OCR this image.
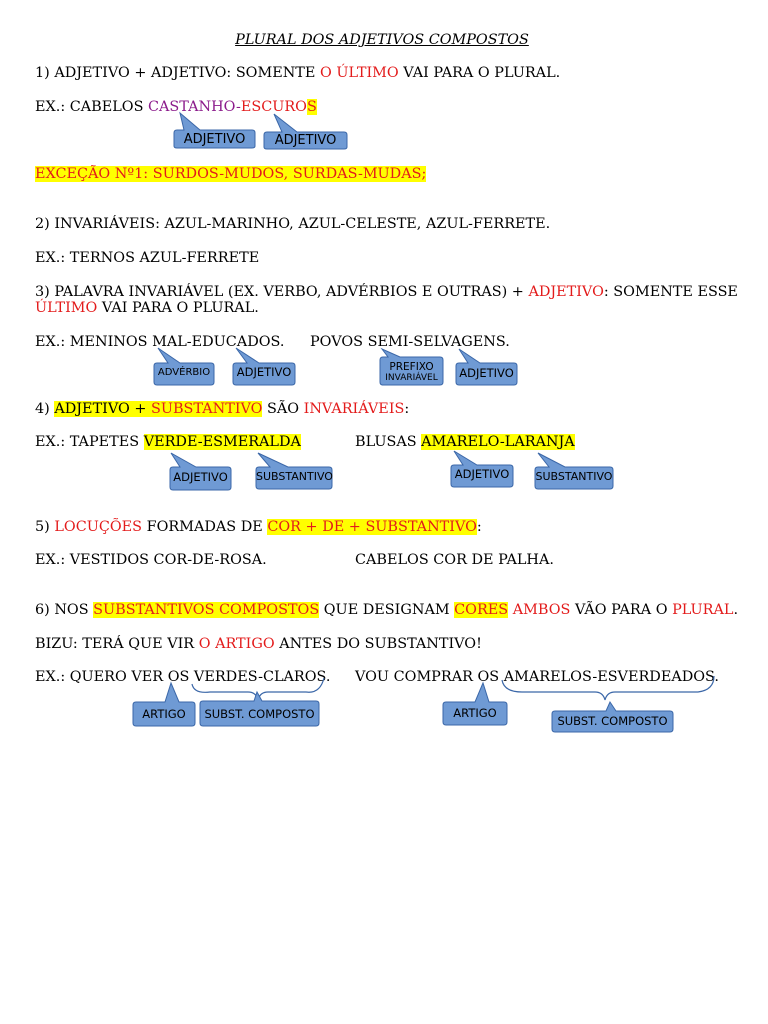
PLURAL DOS ADJETIVOS COMPOSTOS
1) ADJETIVO + ADJETIVO: SOMENTE O ÚLTIMO VAI PARA O PLURAL.
EX.: CABELOS CASTANHO-ESCUROS
ADJETIVO	ADJETIVO
EXCEÇÃO Nº1: SURDOS-MUDOS, SURDAS-MUDAS;
2) INVARIÁVEIS: AZUL-MARINHO, AZUL-CELESTE, AZUL-FERRETE.
EX.: TERNOS AZUL-FERRETE
3) PALAVRA INVARIÁVEL (EX. VERBO, ADVÉRBIOS E OUTRAS) + ADJETIVO: SOMENTE ESSE
ÚLTIMO VAI PARA O PLURAL.
EX.: MENINOS MAL-EDUCADOS. POVOS SEMI-SELVAGENS.
ADVÉRBIO	ADJETIVO	PREFIXO
INVARIÁVEL	ADJETIVO
4) ADJETIVO + SUBSTANTIVO SÃO INVARIÁVEIS:
EX.: TAPETES VERDE-ESMERALDA	BLUSAS AMARELO-LARANJA
ADJETIVO	SUBSTANTIVO	ADJETIVO	SUBSTANTIVO
5) LOCUÇÕES FORMADAS DE COR + DE + SUBSTANTIVO:
EX.: VESTIDOS COR-DE-ROSA.	CABELOS COR DE PALHA.
6) NOS SUBSTANTIVOS COMPOSTOS QUE DESIGNAM CORES AMBOS VÃO PARA O PLURAL.
BIZU: TERÁ QUE VIR O ARTIGO ANTES DO SUBSTANTIVO!
EX.: QUERO VER OS VERDES-CLAROS. VOU COMPRAR OS AMARELOS-ESVERDEADOS.
ARTIGO	SUBST. COMPOSTO	ARTIGO
SUBST. COMPOSTO
